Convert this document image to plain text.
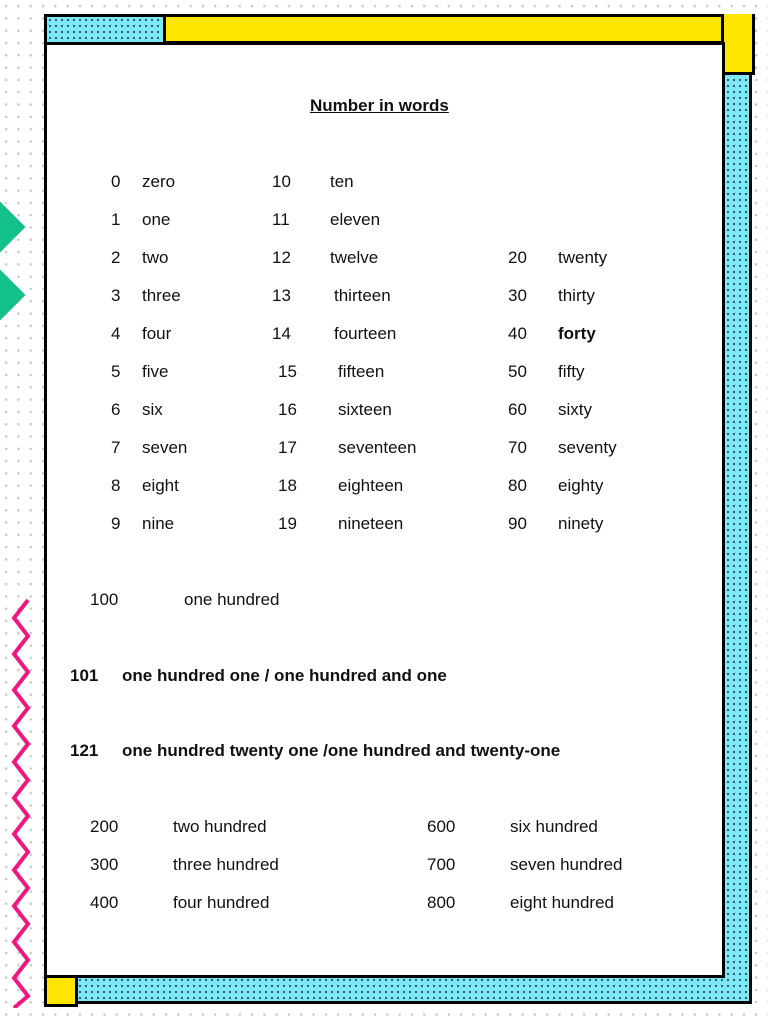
Number in words
0 zero	10 ten
1 one	11 eleven
2 two	12 twelve	20 twenty
3 three	13	thirteen	30 thirty
4 four	14	fourteen	40 forty
5 five	15 fifteen	50 fifty
6 six	16 sixteen	60 sixty
7 seven	17 seventeen	70 seventy
8 eight	18 eighteen	80 eighty
9 nine	19 nineteen	90 ninety
100	one hundred
101 one hundred one / one hundred and one
121 one hundred twenty one /one hundred and twenty-one
200	two hundred	600	six hundred
300	three hundred	700	seven hundred
400	four hundred	800	eight hundred
